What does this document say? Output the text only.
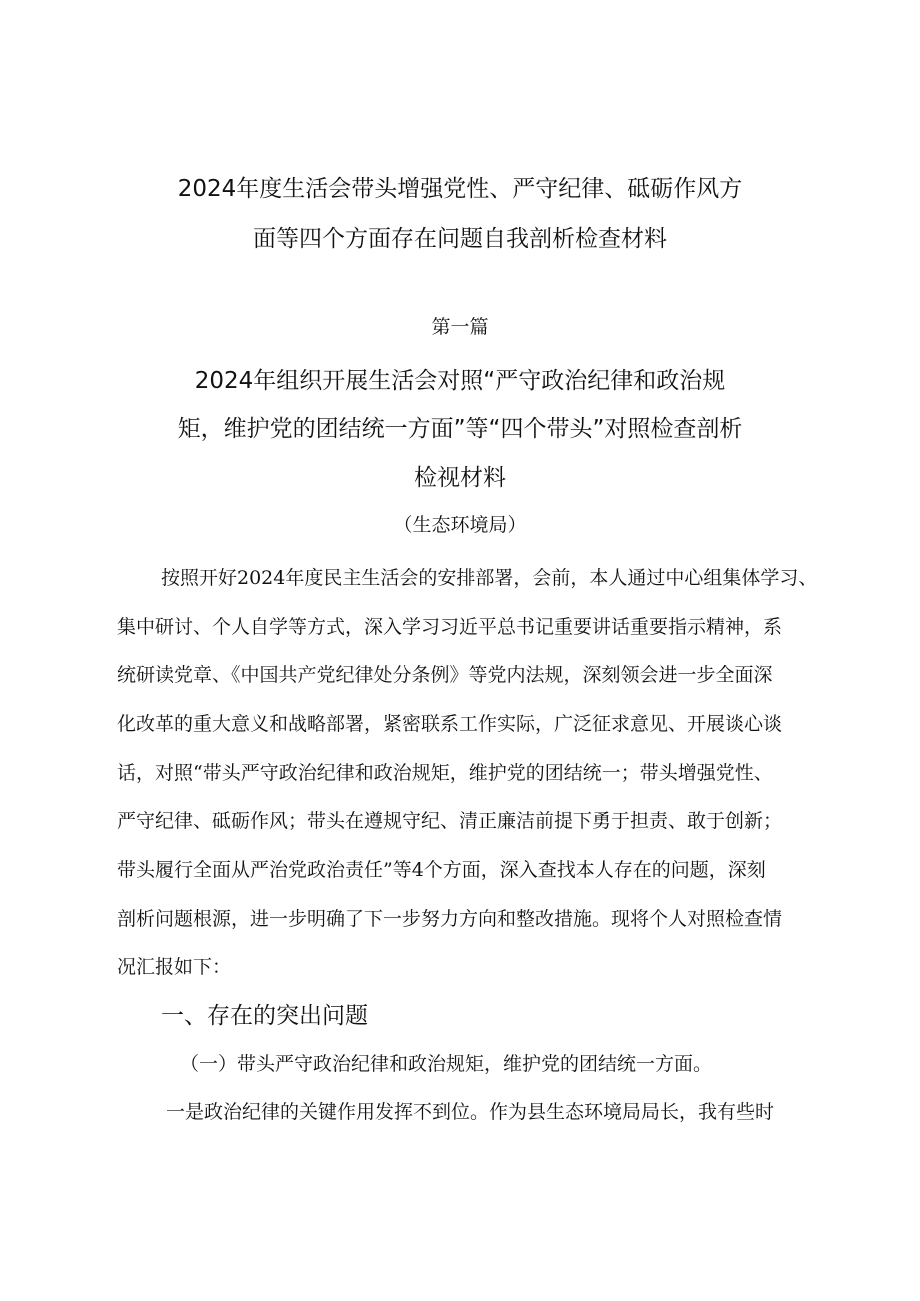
2024年度生活会带头增强党性、严守纪律、砥砺作风方
面等四个方面存在问题自我剖析检查材料
第一篇
2024年组织开展生活会对照“严守政治纪律和政治规
矩，维护党的团结统一方面”等“四个带头”对照检查剖析
检视材料
（生态环境局）
按照开好2024年度民主生活会的安排部署，会前，本人通过中心组集体学习、
集中研讨、个人自学等方式，深入学习习近平总书记重要讲话重要指示精神，系
统研读党章、《中国共产党纪律处分条例》等党内法规，深刻领会进一步全面深
化改革的重大意义和战略部署，紧密联系工作实际，广泛征求意见、开展谈心谈
话，对照“带头严守政治纪律和政治规矩，维护党的团结统一；带头增强党性、
严守纪律、砥砺作风；带头在遵规守纪、清正廉洁前提下勇于担责、敢于创新；
带头履行全面从严治党政治责任”等4个方面，深入查找本人存在的问题，深刻
剖析问题根源，进一步明确了下一步努力方向和整改措施。现将个人对照检查情
况汇报如下：
一、存在的突出问题
（一）带头严守政治纪律和政治规矩，维护党的团结统一方面。
一是政治纪律的关键作用发挥不到位。作为县生态环境局局长，我有些时
